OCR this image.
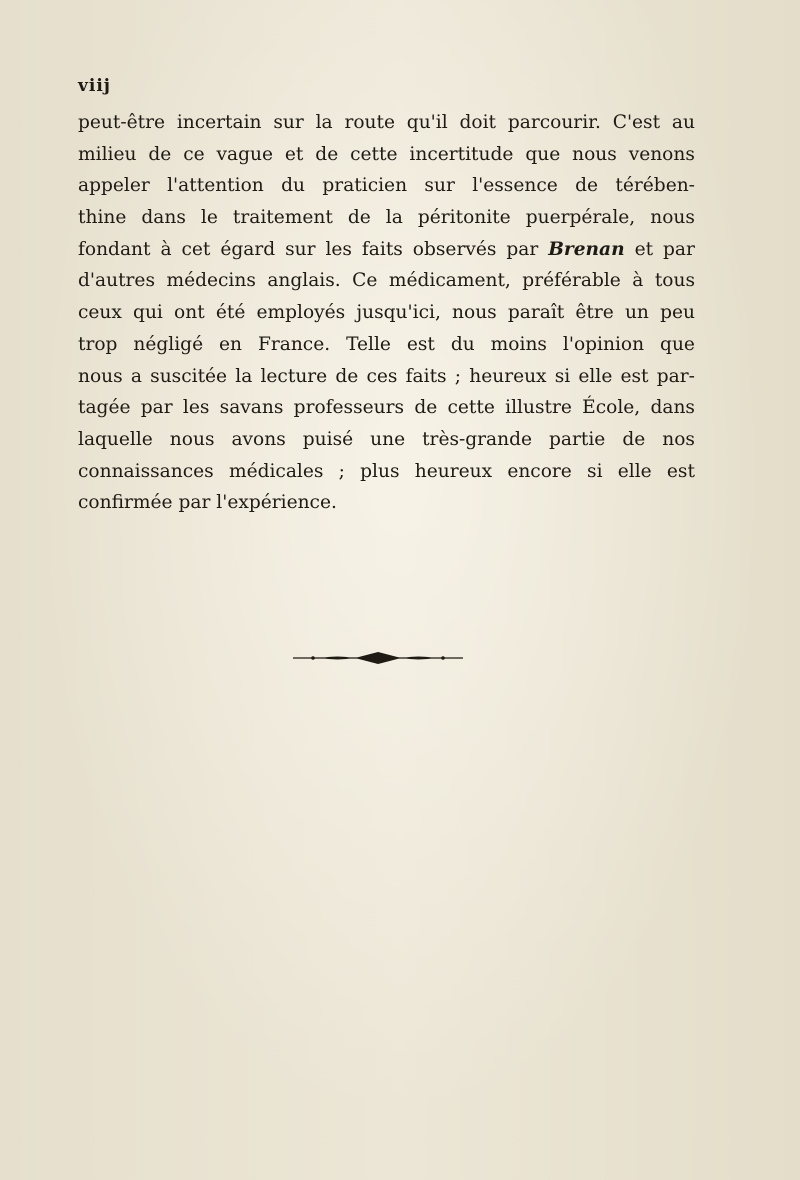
viij
peut-être incertain sur la route qu'il doit parcourir. C'est au
milieu de ce vague et de cette incertitude que nous venons
appeler l'attention du praticien sur l'essence de térében-
thine dans le traitement de la péritonite puerpérale, nous
fondant à cet égard sur les faits observés par Brenan et par
d'autres médecins anglais. Ce médicament, préférable à tous
ceux qui ont été employés jusqu'ici, nous paraît être un peu
trop négligé en France. Telle est du moins l'opinion que
nous a suscitée la lecture de ces faits ; heureux si elle est par-
tagée par les savans professeurs de cette illustre École, dans
laquelle nous avons puisé une très-grande partie de nos
connaissances médicales ; plus heureux encore si elle est
confirmée par l'expérience.
